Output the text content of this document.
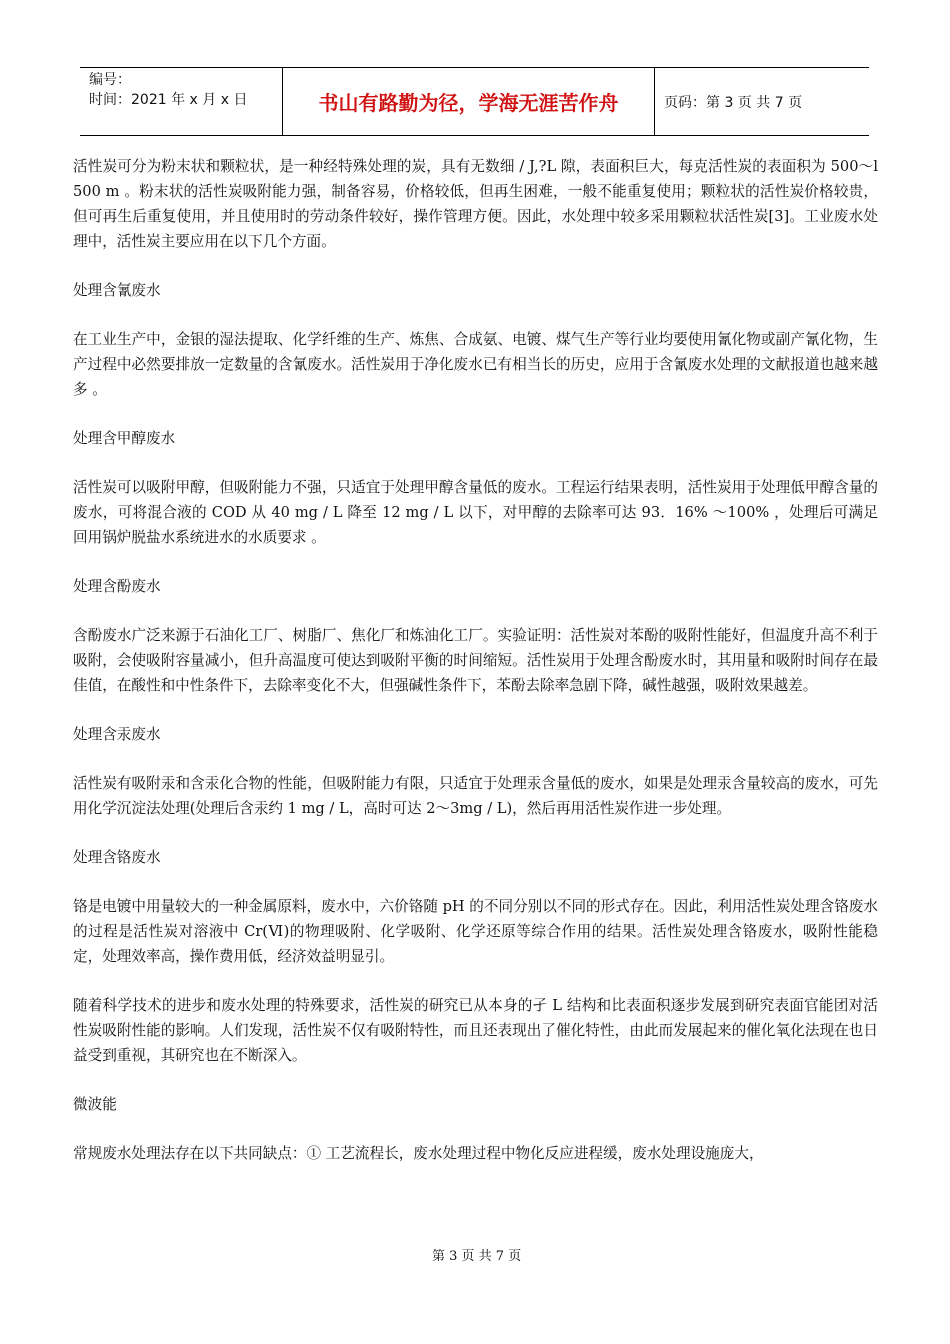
编号：
时间：2021 年 x 月 x 日	书山有路勤为径，学海无涯苦作舟	页码：第 3 页 共 7 页

活性炭可分为粉末状和颗粒状，是一种经特殊处理的炭，具有无数细 / J,?L 隙，表面积巨大，每克活性炭的表面积为 500～l 500 m 。粉末状的活性炭吸附能力强，制备容易，价格较低，但再生困难，一般不能重复使用；颗粒状的活性炭价格较贵，但可再生后重复使用，并且使用时的劳动条件较好，操作管理方便。因此，水处理中较多采用颗粒状活性炭[3]。工业废水处理中，活性炭主要应用在以下几个方面。

处理含氰废水

在工业生产中，金银的湿法提取、化学纤维的生产、炼焦、合成氨、电镀、煤气生产等行业均要使用氰化物或副产氰化物，生产过程中必然要排放一定数量的含氰废水。活性炭用于净化废水已有相当长的历史，应用于含氰废水处理的文献报道也越来越多 。

处理含甲醇废水

活性炭可以吸附甲醇，但吸附能力不强，只适宜于处理甲醇含量低的废水。工程运行结果表明，活性炭用于处理低甲醇含量的废水，可将混合液的 COD 从 40 mg / L 降至 12 mg / L 以下，对甲醇的去除率可达 93．16% ～100% ，处理后可满足回用锅炉脱盐水系统进水的水质要求 。

处理含酚废水

含酚废水广泛来源于石油化工厂、树脂厂、焦化厂和炼油化工厂。实验证明：活性炭对苯酚的吸附性能好，但温度升高不利于吸附，会使吸附容量减小，但升高温度可使达到吸附平衡的时间缩短。活性炭用于处理含酚废水时，其用量和吸附时间存在最佳值，在酸性和中性条件下，去除率变化不大，但强碱性条件下，苯酚去除率急剧下降，碱性越强，吸附效果越差。

处理含汞废水

活性炭有吸附汞和含汞化合物的性能，但吸附能力有限，只适宜于处理汞含量低的废水，如果是处理汞含量较高的废水，可先用化学沉淀法处理(处理后含汞约 1 mg / L，高时可达 2～3mg / L)，然后再用活性炭作进一步处理。

处理含铬废水

铬是电镀中用量较大的一种金属原料，废水中，六价铬随 pH 的不同分别以不同的形式存在。因此，利用活性炭处理含铬废水的过程是活性炭对溶液中 Cr(Ⅵ)的物理吸附、化学吸附、化学还原等综合作用的结果。活性炭处理含铬废水，吸附性能稳定，处理效率高，操作费用低，经济效益明显引。

随着科学技术的进步和废水处理的特殊要求，活性炭的研究已从本身的孑 L 结构和比表面积逐步发展到研究表面官能团对活性炭吸附性能的影响。人们发现，活性炭不仅有吸附特性，而且还表现出了催化特性，由此而发展起来的催化氧化法现在也日益受到重视，其研究也在不断深入。

微波能

常规废水处理法存在以下共同缺点：① 工艺流程长，废水处理过程中物化反应进程缓，废水处理设施庞大，

第 3 页 共 7 页
